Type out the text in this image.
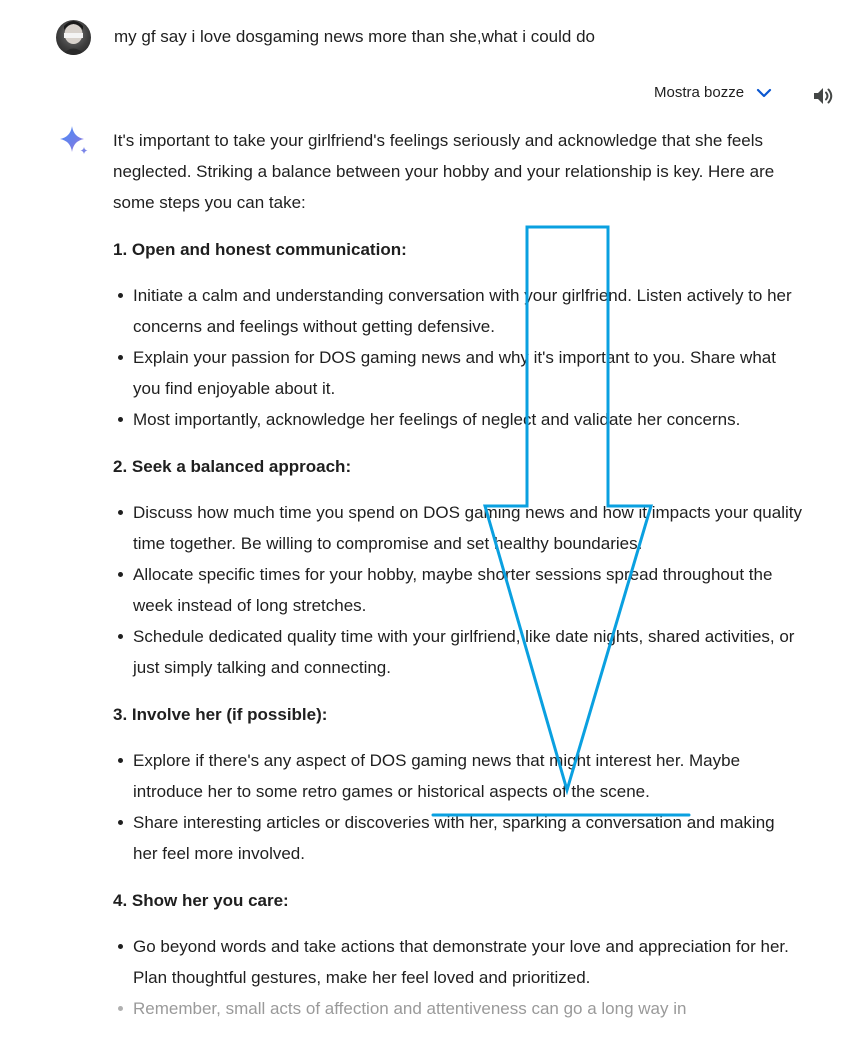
my gf say i love dosgaming news more than she,what i could do
Mostra bozze

It's important to take your girlfriend's feelings seriously and acknowledge that she feels neglected. Striking a balance between your hobby and your relationship is key. Here are some steps you can take:

1. Open and honest communication:
Initiate a calm and understanding conversation with your girlfriend. Listen actively to her concerns and feelings without getting defensive.
Explain your passion for DOS gaming news and why it's important to you. Share what you find enjoyable about it.
Most importantly, acknowledge her feelings of neglect and validate her concerns.
2. Seek a balanced approach:
Discuss how much time you spend on DOS gaming news and how it impacts your quality time together. Be willing to compromise and set healthy boundaries.
Allocate specific times for your hobby, maybe shorter sessions spread throughout the week instead of long stretches.
Schedule dedicated quality time with your girlfriend, like date nights, shared activities, or just simply talking and connecting.
3. Involve her (if possible):
Explore if there's any aspect of DOS gaming news that might interest her. Maybe introduce her to some retro games or historical aspects of the scene.
Share interesting articles or discoveries with her, sparking a conversation and making her feel more involved.
4. Show her you care:
Go beyond words and take actions that demonstrate your love and appreciation for her. Plan thoughtful gestures, make her feel loved and prioritized.
Remember, small acts of affection and attentiveness can go a long way in
